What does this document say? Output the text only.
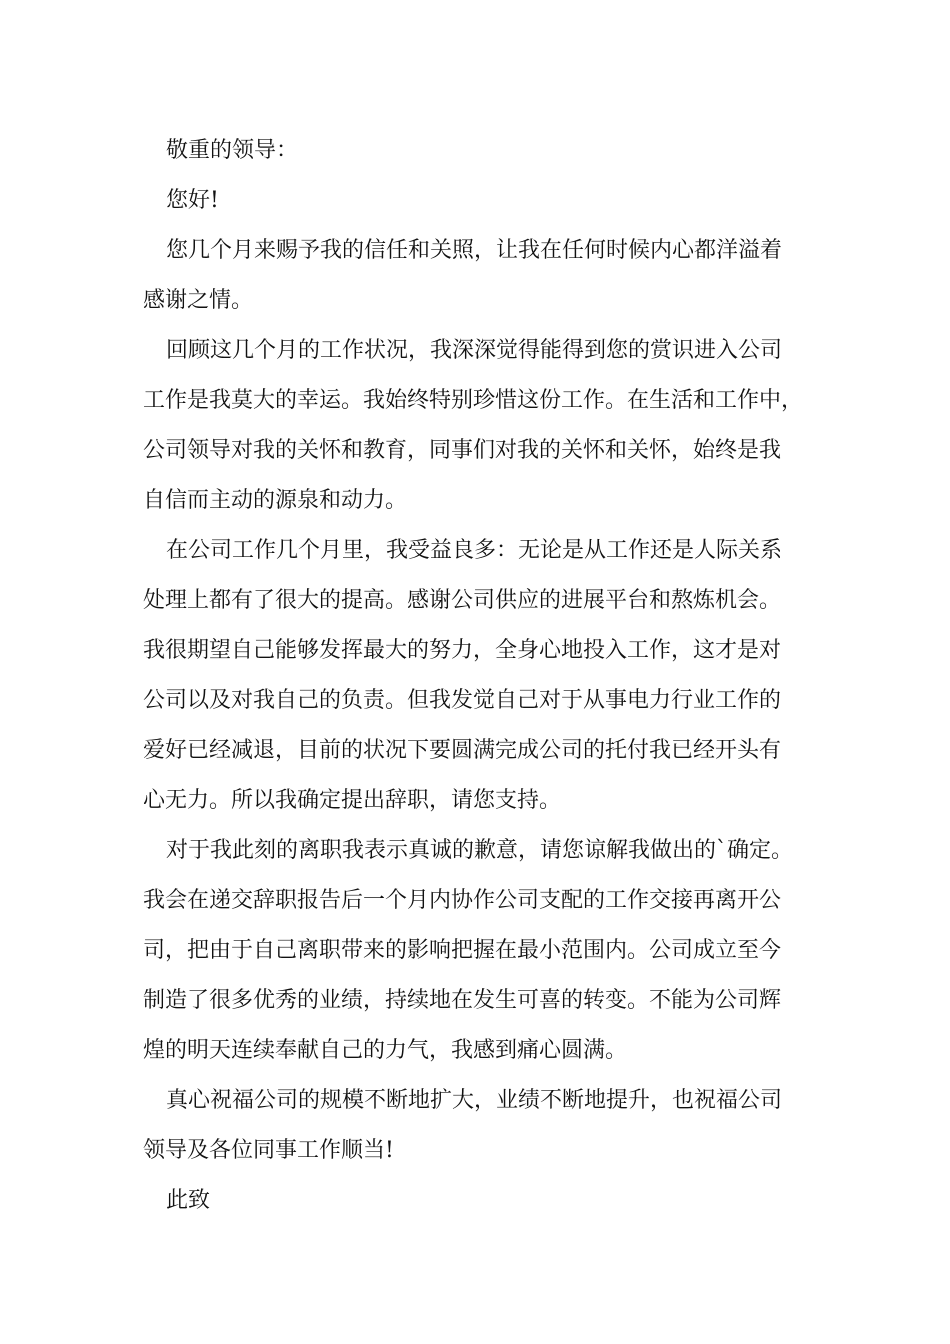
敬重的领导：
您好!
您几个月来赐予我的信任和关照，让我在任何时候内心都洋溢着
感谢之情。
回顾这几个月的工作状况，我深深觉得能得到您的赏识进入公司
工作是我莫大的幸运。我始终特别珍惜这份工作。在生活和工作中，
公司领导对我的关怀和教育，同事们对我的关怀和关怀，始终是我
自信而主动的源泉和动力。
在公司工作几个月里，我受益良多：无论是从工作还是人际关系
处理上都有了很大的提高。感谢公司供应的进展平台和熬炼机会。
我很期望自己能够发挥最大的努力，全身心地投入工作，这才是对
公司以及对我自己的负责。但我发觉自己对于从事电力行业工作的
爱好已经减退，目前的状况下要圆满完成公司的托付我已经开头有
心无力。所以我确定提出辞职，请您支持。
对于我此刻的离职我表示真诚的歉意，请您谅解我做出的`确定。
我会在递交辞职报告后一个月内协作公司支配的工作交接再离开公
司，把由于自己离职带来的影响把握在最小范围内。公司成立至今
制造了很多优秀的业绩，持续地在发生可喜的转变。不能为公司辉
煌的明天连续奉献自己的力气，我感到痛心圆满。
真心祝福公司的规模不断地扩大，业绩不断地提升，也祝福公司
领导及各位同事工作顺当!
此致
